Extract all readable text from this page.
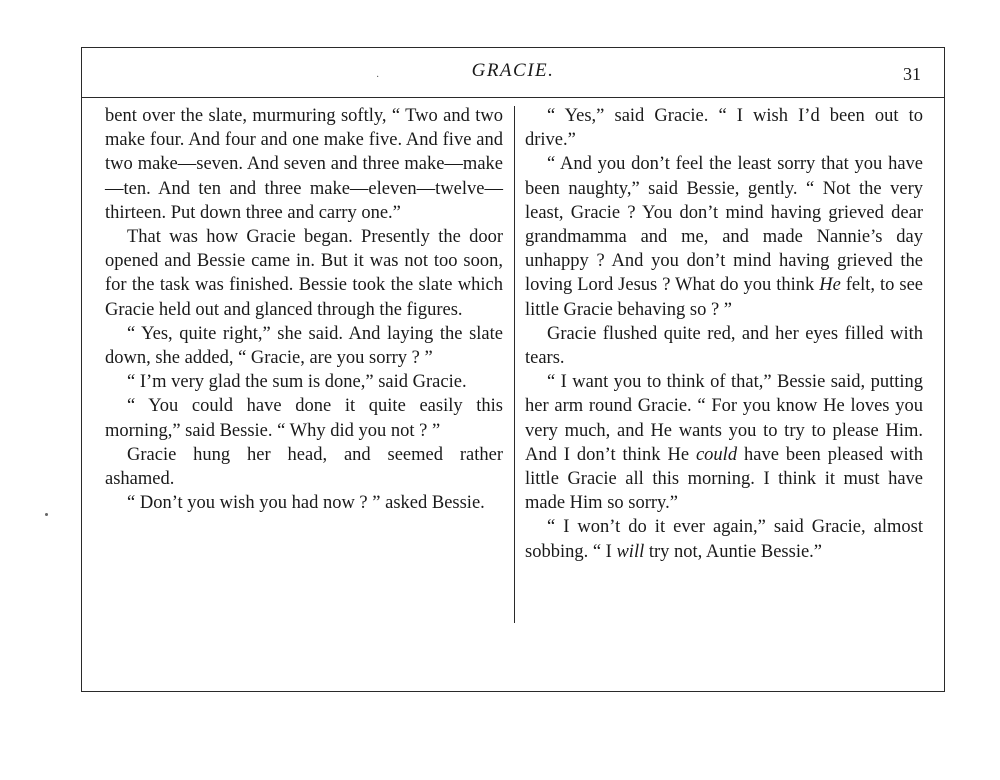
·	GRACIE.	31

bent over the slate, murmuring softly, “ Two and two make four. And four and one make five. And five and two make—seven. And seven and three make—make—ten. And ten and three make—eleven—twelve—thirteen. Put down three and carry one.”

That was how Gracie began. Presently the door opened and Bessie came in. But it was not too soon, for the task was finished. Bessie took the slate which Gracie held out and glanced through the figures.

“ Yes, quite right,” she said. And laying the slate down, she added, “ Gracie, are you sorry ? ”

“ I’m very glad the sum is done,” said Gracie.

“ You could have done it quite easily this morning,” said Bessie. “ Why did you not ? ”

Gracie hung her head, and seemed rather ashamed.

“ Don’t you wish you had now ? ” asked Bessie.

“ Yes,” said Gracie. “ I wish I’d been out to drive.”

“ And you don’t feel the least sorry that you have been naughty,” said Bessie, gently. “ Not the very least, Gracie ? You don’t mind having grieved dear grandmamma and me, and made Nannie’s day unhappy ? And you don’t mind having grieved the loving Lord Jesus ? What do you think He felt, to see little Gracie behaving so ? ”

Gracie flushed quite red, and her eyes filled with tears.

“ I want you to think of that,” Bessie said, putting her arm round Gracie. “ For you know He loves you very much, and He wants you to try to please Him. And I don’t think He could have been pleased with little Gracie all this morning. I think it must have made Him so sorry.”

“ I won’t do it ever again,” said Gracie, almost sobbing. “ I will try not, Auntie Bessie.”
